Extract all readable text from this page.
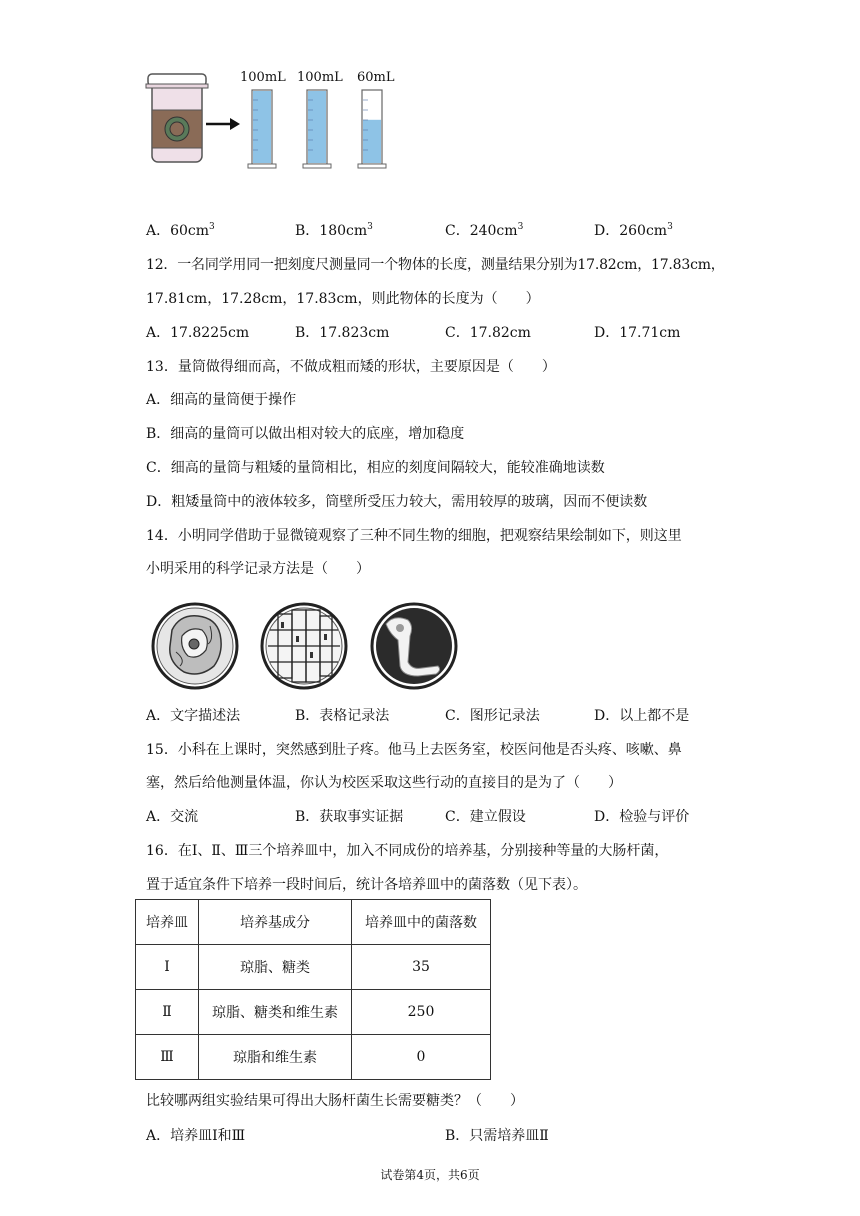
100mL 100mL 60mL
A．$60cm^3$	B．$180cm^3$	C．$240cm^3$	D．$260cm^3$
12．一名同学用同一把刻度尺测量同一个物体的长度，测量结果分别为17.82cm，17.83cm，
17.81cm，17.28cm，17.83cm，则此物体的长度为（　　）
A．17.8225cm	B．17.823cm	C．17.82cm	D．17.71cm
13．量筒做得细而高，不做成粗而矮的形状，主要原因是（　　）
A．细高的量筒便于操作
B．细高的量筒可以做出相对较大的底座，增加稳度
C．细高的量筒与粗矮的量筒相比，相应的刻度间隔较大，能较准确地读数
D．粗矮量筒中的液体较多，筒壁所受压力较大，需用较厚的玻璃，因而不便读数
14．小明同学借助于显微镜观察了三种不同生物的细胞，把观察结果绘制如下，则这里
小明采用的科学记录方法是（　　）
A．文字描述法	B．表格记录法	C．图形记录法	D．以上都不是
15．小科在上课时，突然感到肚子疼。他马上去医务室，校医问他是否头疼、咳嗽、鼻
塞，然后给他测量体温，你认为校医采取这些行动的直接目的是为了（　　）
A．交流	B．获取事实证据	C．建立假设	D．检验与评价
16．在Ⅰ、Ⅱ、Ⅲ三个培养皿中，加入不同成份的培养基，分别接种等量的大肠杆菌，
置于适宜条件下培养一段时间后，统计各培养皿中的菌落数（见下表）。
培养皿	培养基成分	培养皿中的菌落数
Ⅰ	琼脂、糖类	35
Ⅱ	琼脂、糖类和维生素	250
Ⅲ	琼脂和维生素	0
比较哪两组实验结果可得出大肠杆菌生长需要糖类？（　　）
A．培养皿Ⅰ和Ⅲ	B．只需培养皿Ⅱ
试卷第4页，共6页
